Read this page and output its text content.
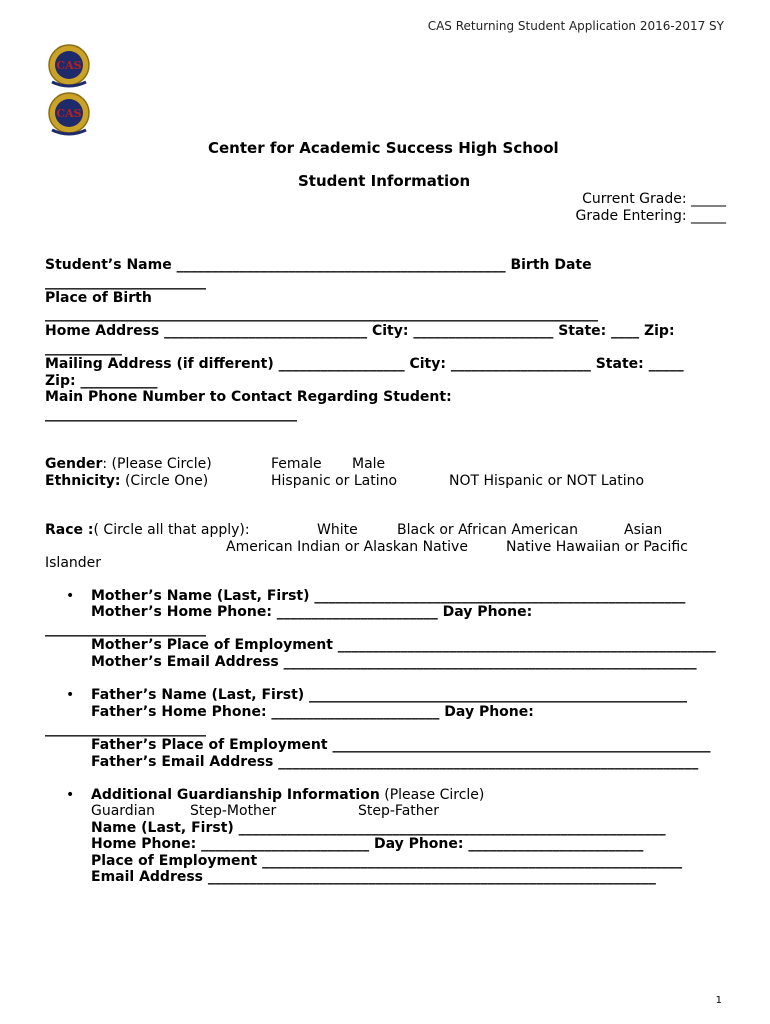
CAS Returning Student Application 2016-2017 SY
CAS
CAS
Center for Academic Success High School
Student Information
Current Grade: _____
Grade Entering: _____
Student’s Name _______________________________________________ Birth Date
_______________________
Place of Birth
_______________________________________________________________________________
Home Address _____________________________ City: ____________________ State: ____ Zip:
___________
Mailing Address (if different) __________________ City: ____________________ State: _____
Zip: ___________
Main Phone Number to Contact Regarding Student:
____________________________________
Gender: (Please Circle)	Female Male
Ethnicity: (Circle One)	Hispanic or Latino	NOT Hispanic or NOT Latino
Race :( Circle all that apply):	White	Black or African American	Asian
American Indian or Alaskan Native	Native Hawaiian or Pacific
Islander
• Mother’s Name (Last, First) _____________________________________________________
Mother’s Home Phone: _______________________ Day Phone:
_______________________
Mother’s Place of Employment ______________________________________________________
Mother’s Email Address ___________________________________________________________
• Father’s Name (Last, First) ______________________________________________________
Father’s Home Phone: ________________________ Day Phone:
_______________________
Father’s Place of Employment ______________________________________________________
Father’s Email Address ____________________________________________________________
• Additional Guardianship Information (Please Circle)
Guardian Step-Mother	Step-Father
Name (Last, First) _____________________________________________________________
Home Phone: ________________________ Day Phone: _________________________
Place of Employment ____________________________________________________________
Email Address ________________________________________________________________
1
